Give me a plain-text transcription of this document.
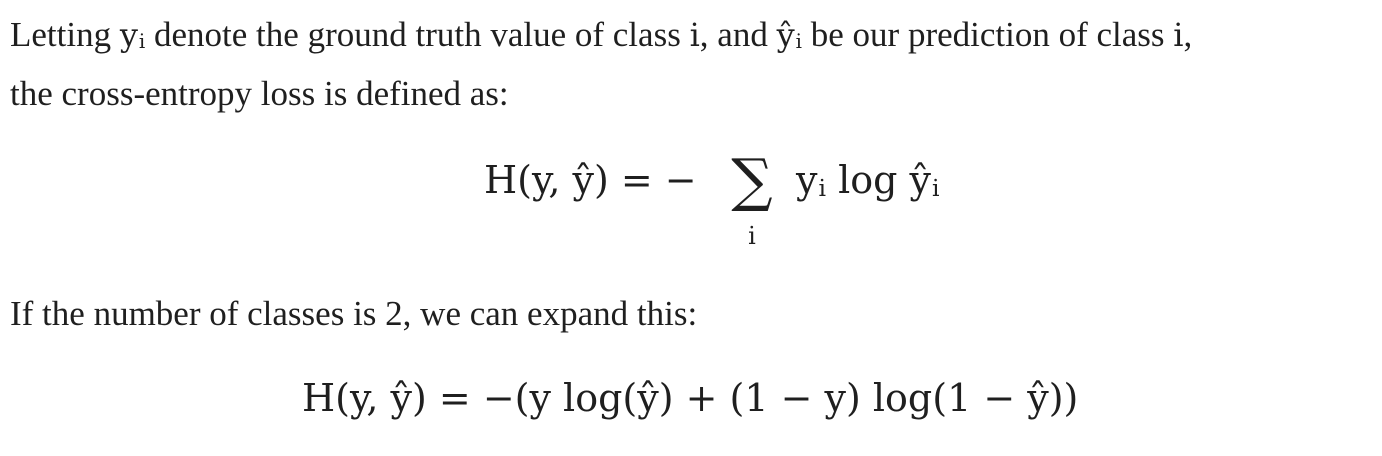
Letting yi denote the ground truth value of class i, and ŷi be our prediction of class i,
the cross-entropy loss is defined as:

H(y, ŷ) = − ∑
i
yi log ŷi

If the number of classes is 2, we can expand this:

H(y, ŷ) = −(y log(ŷ) + (1 − y) log(1 − ŷ))
